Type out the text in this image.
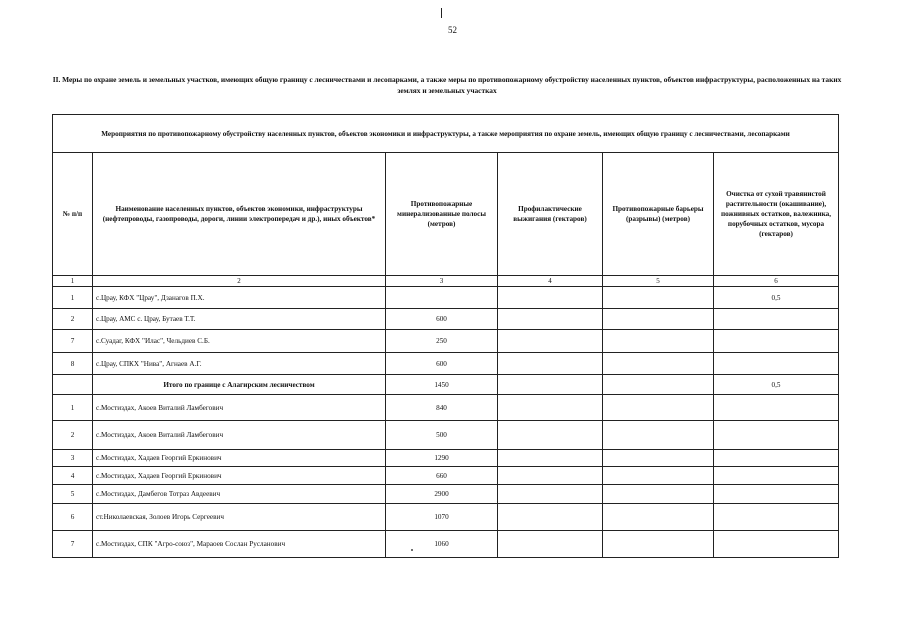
52
II. Меры по охране земель и земельных участков, имеющих общую границу с лесничествами и лесопарками, а также меры по противопожарному обустройству населенных пунктов, объектов инфраструктуры, расположенных на таких землях и земельных участках
Мероприятия по противопожарному обустройству населенных пунктов, объектов экономики и инфраструктуры, а также мероприятия по охране земель, имеющих общую границу с лесничествами, лесопарками					
№ п/п	Наименование населенных пунктов, объектов экономики, инфраструктуры (нефтепроводы, газопроводы, дороги, линии электропередач и др.), иных объектов*	Противопожарные минерализованные полосы (метров)	Профилактические выжигания (гектаров)	Противопожарные барьеры (разрывы) (метров)	Очистка от сухой травянистой растительности (окашивание), пожнивных остатков, валежника, порубочных остатков, мусора (гектаров)
1	2	3	4	5	6
1	с.Црау, КФХ "Црау", Дзанагов П.Х.				0,5
2	с.Црау, АМС с. Црау, Бутаев Т.Т.	600			
7	с.Суадаг, КФХ "Илас", Чельдиев С.Б.	250			
8	с.Црау, СПКХ "Нива", Агнаев А.Г.	600			
	Итого по границе с Алагирским лесничеством	1450			0,5
1	с.Мостиздах, Акоев Виталий Ламбегович	840			
2	с.Мостиздах, Акоев Виталий Ламбегович	500			
3	с.Мостиздах, Хадаев Георгий Еркинович	1290			
4	с.Мостиздах, Хадаев Георгий Еркинович	660			
5	с.Мостиздах, Дамбегов Тотраз Авдеевич	2900			
6	ст.Николаевская, Золоев Игорь Сергеевич	1070			
7	с.Мостиздах, СПК "Агро-союз", Мараоев Сослан Русланович	1060			
